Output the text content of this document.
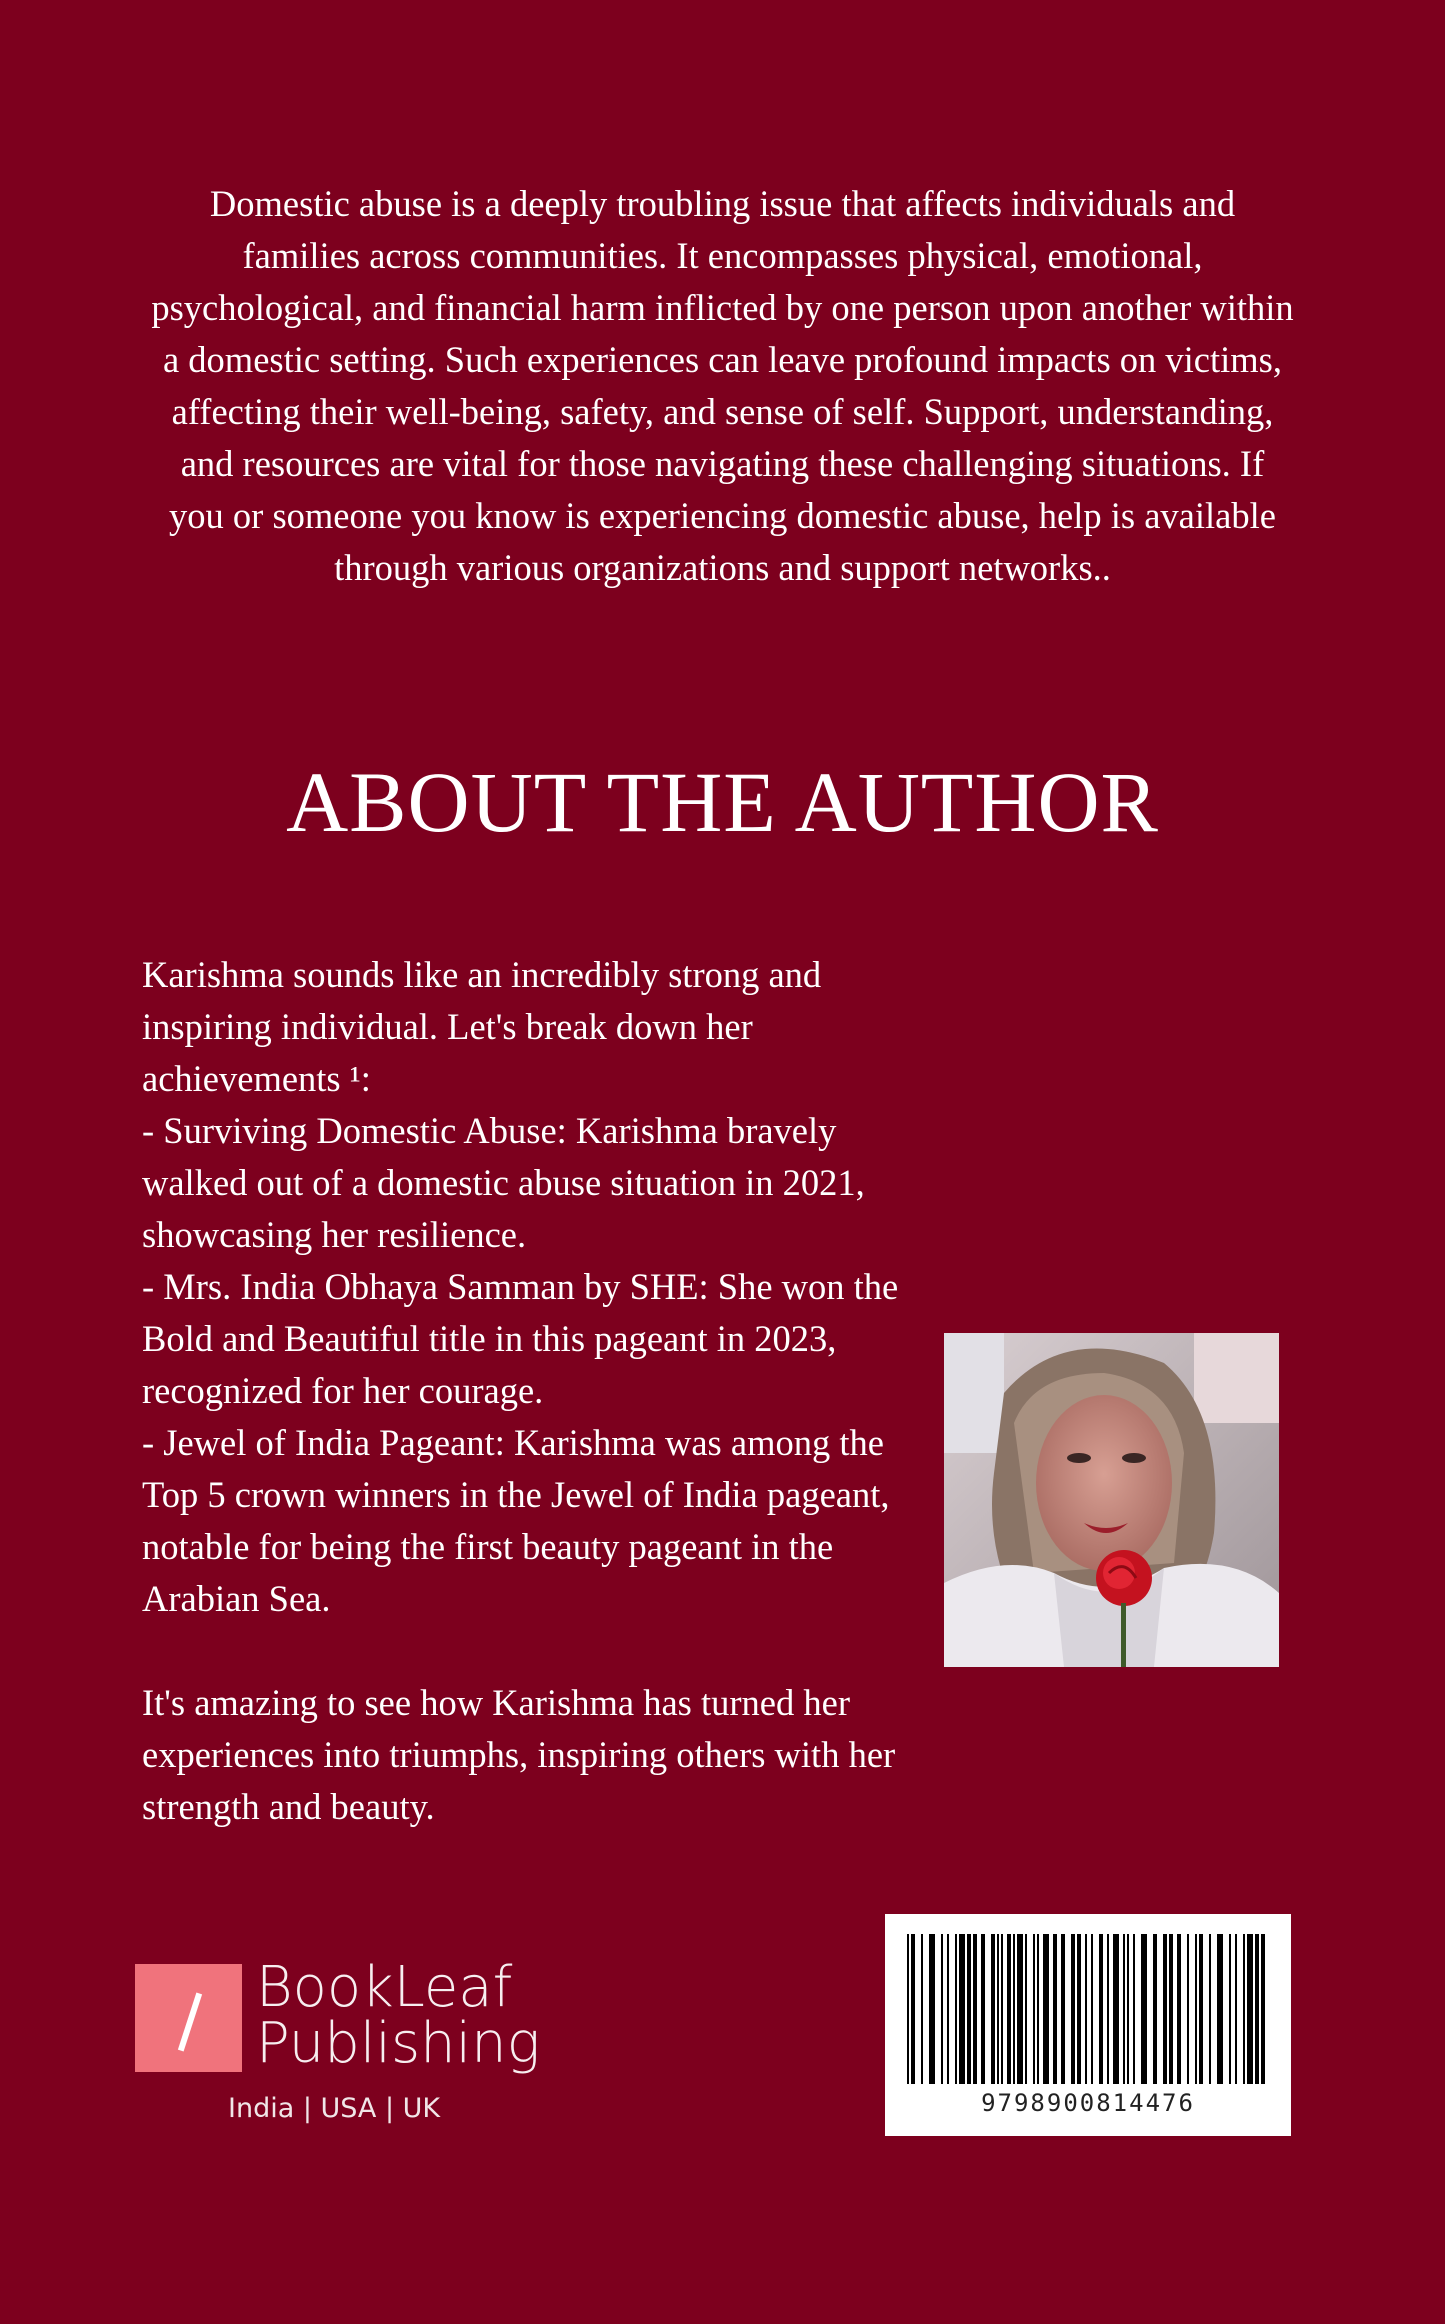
Domestic abuse is a deeply troubling issue that affects individuals and families across communities. It encompasses physical, emotional, psychological, and financial harm inflicted by one person upon another within a domestic setting. Such experiences can leave profound impacts on victims, affecting their well-being, safety, and sense of self. Support, understanding, and resources are vital for those navigating these challenging situations. If you or someone you know is experiencing domestic abuse, help is available through various organizations and support networks..
ABOUT THE AUTHOR

Karishma sounds like an incredibly strong and inspiring individual. Let's break down her achievements ¹:
- Surviving Domestic Abuse: Karishma bravely walked out of a domestic abuse situation in 2021, showcasing her resilience.
- Mrs. India Obhaya Samman by SHE: She won the Bold and Beautiful title in this pageant in 2023, recognized for her courage.
- Jewel of India Pageant: Karishma was among the Top 5 crown winners in the Jewel of India pageant, notable for being the first beauty pageant in the Arabian Sea.

It's amazing to see how Karishma has turned her experiences into triumphs, inspiring others with her strength and beauty.

BookLeaf
Publishing
India | USA | UK	9798900814476
